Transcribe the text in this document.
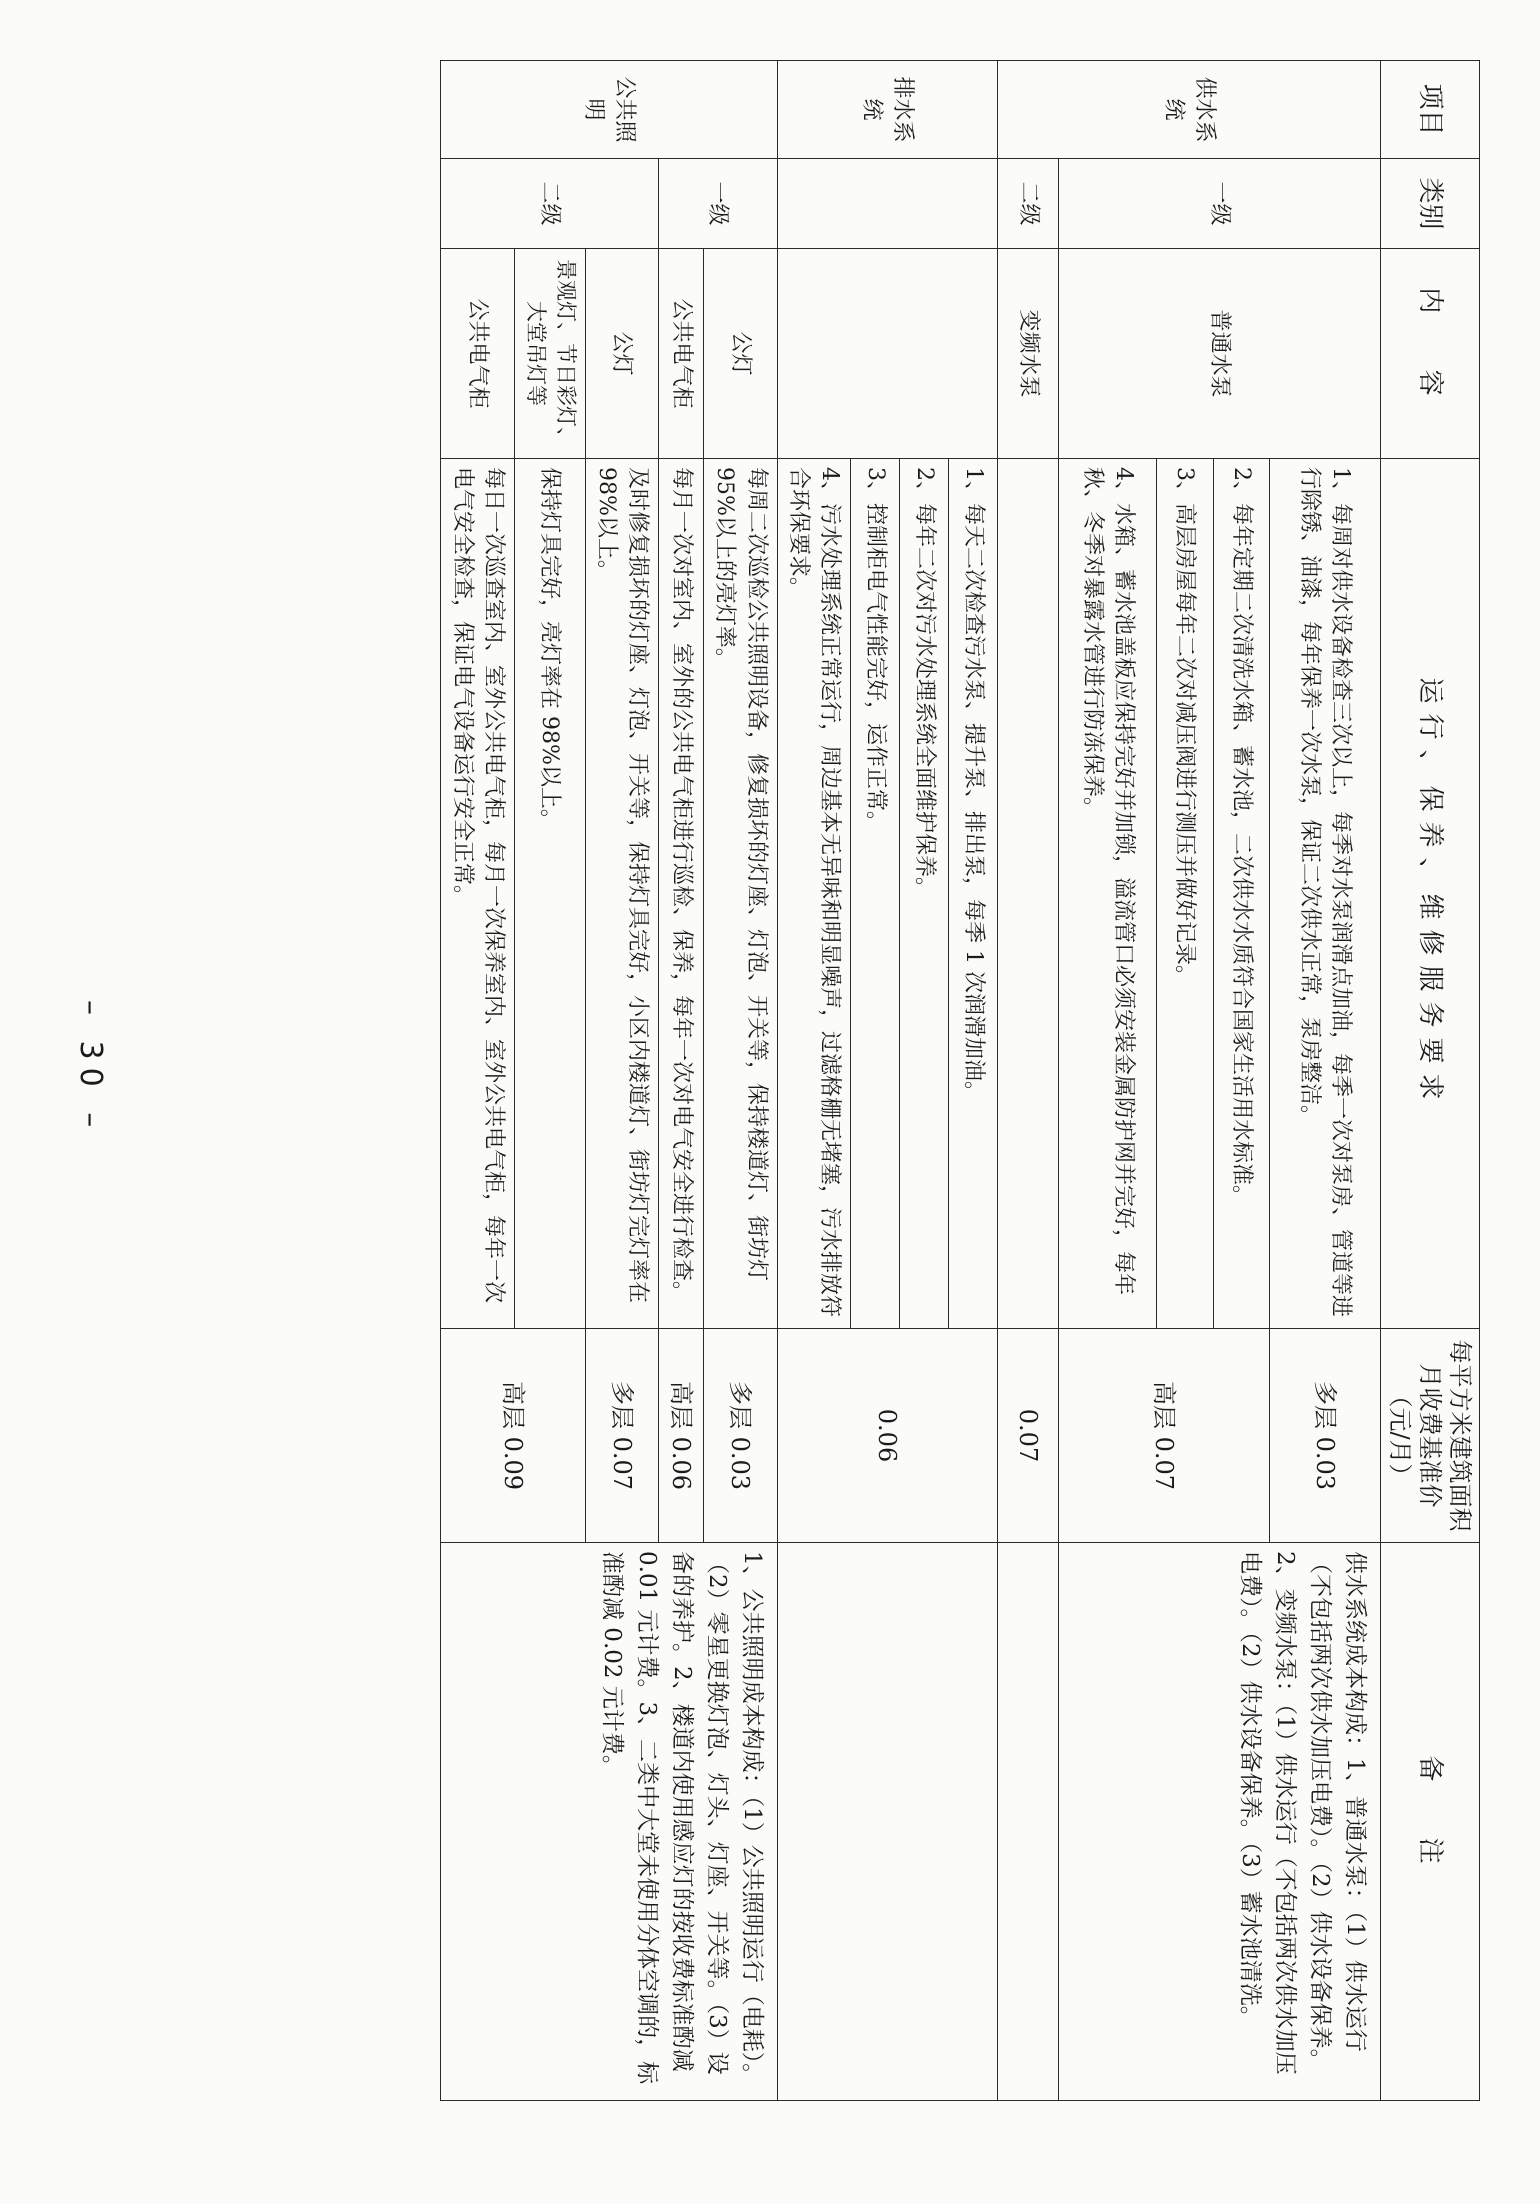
项目	类别	内 容	运行、保养、维修服务要求	每平方米建筑面积月收费基准价（元/月）	备 注
供水系统	一级	普通水泵	1、每周对供水设备检查三次以上，每季对水泵润滑点加油，每季一次对泵房、管道等进行除锈、油漆，每年保养一次水泵，保证二次供水正常，泵房整洁。	多层 0.03	供水系统成本构成：1、普通水泵：（1）供水运行（不包括两次供水加压电费）。（2）供水设备保养。2、变频水泵：（1）供水运行（不包括两次供水加压电费）。（2）供水设备保养。（3）蓄水池清洗。
			2、每年定期二次清洗水箱、蓄水池，二次供水水质符合国家生活用水标准。	高层 0.07	
			3、高层房屋每年二次对减压阀进行测压并做好记录。		
			4、水箱、蓄水池盖板应保持完好并加锁，溢流管口必须安装金属防护网并完好，每年秋、冬季对暴露水管进行防冻保养。		
	二级	变频水泵		0.07	
排水系统			1、每天二次检查污水泵、提升泵、排出泵，每季 1 次润滑加油。	0.06	
			2、每年二次对污水处理系统全面维护保养。		
			3、控制柜电气性能完好，运作正常。		
			4、污水处理系统正常运行，周边基本无异味和明显噪声，过滤格栅无堵塞，污水排放符合环保要求。		
公共照明	一级	公灯	每周二次巡检公共照明设备，修复损坏的灯座、灯泡、开关等，保持楼道灯、街坊灯 95%以上的亮灯率。	多层 0.03	1、公共照明成本构成：（1）公共照明运行（电耗）。（2）零星更换灯泡、灯头、灯座、开关等。（3）设备的养护。2、楼道内使用感应灯的按收费标准酌减 0.01 元计费。3、二类中大堂未使用分体空调的，标准酌减 0.02 元计费。
		公共电气柜	每月一次对室内、室外的公共电气柜进行巡检、保养，每年一次对电气安全进行检查。	高层 0.06	
	二级	公灯	及时修复损坏的灯座、灯泡、开关等，保持灯具完好，小区内楼道灯、街坊灯完灯率在 98%以上。	多层 0.07	
		景观灯、节日彩灯、大堂吊灯等	保持灯具完好，亮灯率在 98%以上。	高层 0.09	
		公共电气柜	每日一次巡查室内、室外公共电气柜，每月一次保养室内、室外公共电气柜，每年一次电气安全检查，保证电气设备运行安全正常。		
– 30 –
